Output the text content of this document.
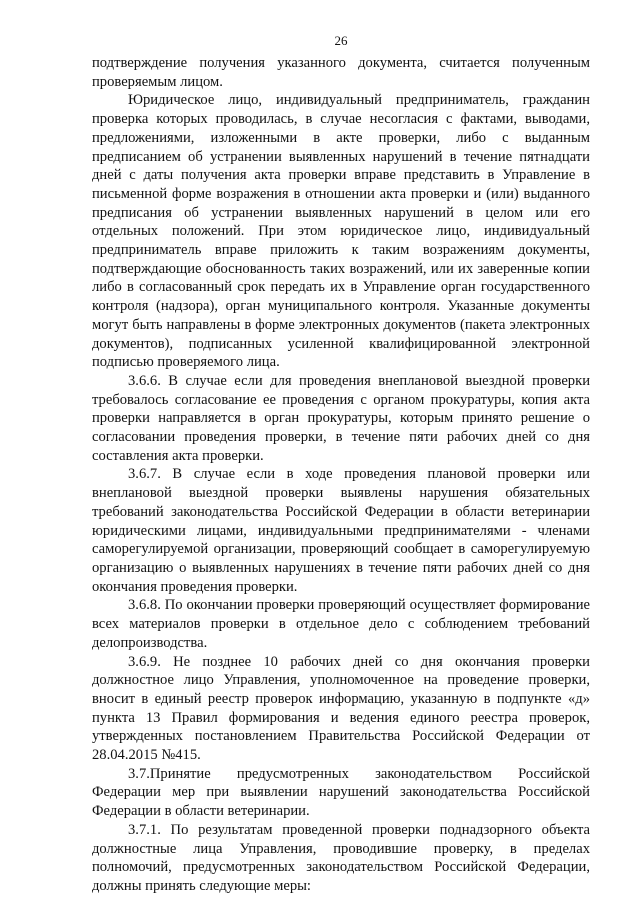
26

подтверждение получения указанного документа, считается полученным проверяемым лицом.

Юридическое лицо, индивидуальный предприниматель, гражданин проверка которых проводилась, в случае несогласия с фактами, выводами, предложениями, изложенными в акте проверки, либо с выданным предписанием об устранении выявленных нарушений в течение пятнадцати дней с даты получения акта проверки вправе представить в Управление в письменной форме возражения в отношении акта проверки и (или) выданного предписания об устранении выявленных нарушений в целом или его отдельных положений. При этом юридическое лицо, индивидуальный предприниматель вправе приложить к таким возражениям документы, подтверждающие обоснованность таких возражений, или их заверенные копии либо в согласованный срок передать их в Управление орган государственного контроля (надзора), орган муниципального контроля. Указанные документы могут быть направлены в форме электронных документов (пакета электронных документов), подписанных усиленной квалифицированной электронной подписью проверяемого лица.

3.6.6. В случае если для проведения внеплановой выездной проверки требовалось согласование ее проведения с органом прокуратуры, копия акта проверки направляется в орган прокуратуры, которым принято решение о согласовании проведения проверки, в течение пяти рабочих дней со дня составления акта проверки.

3.6.7. В случае если в ходе проведения плановой проверки или внеплановой выездной проверки выявлены нарушения обязательных требований законодательства Российской Федерации в области ветеринарии юридическими лицами, индивидуальными предпринимателями - членами саморегулируемой организации, проверяющий сообщает в саморегулируемую организацию о выявленных нарушениях в течение пяти рабочих дней со дня окончания проведения проверки.

3.6.8. По окончании проверки проверяющий осуществляет формирование всех материалов проверки в отдельное дело с соблюдением требований делопроизводства.

3.6.9. Не позднее 10 рабочих дней со дня окончания проверки должностное лицо Управления, уполномоченное на проведение проверки, вносит в единый реестр проверок информацию, указанную в подпункте «д» пункта 13 Правил формирования и ведения единого реестра проверок, утвержденных постановлением Правительства Российской Федерации от 28.04.2015 №415.

3.7.Принятие предусмотренных законодательством Российской Федерации мер при выявлении нарушений законодательства Российской Федерации в области ветеринарии.

3.7.1. По результатам проведенной проверки поднадзорного объекта должностные лица Управления, проводившие проверку, в пределах полномочий, предусмотренных законодательством Российской Федерации, должны принять следующие меры:
